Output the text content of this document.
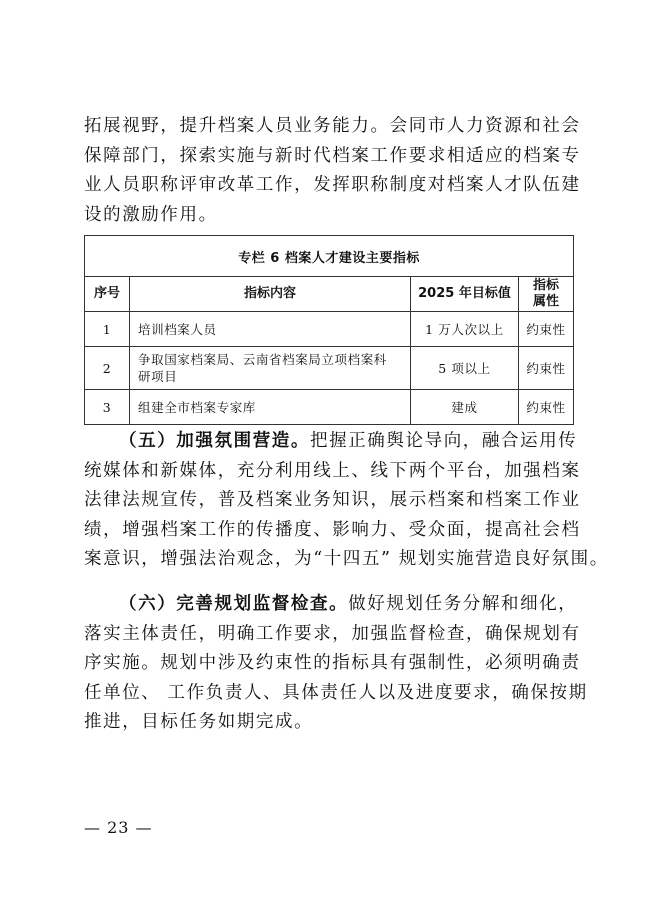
拓展视野，提升档案人员业务能力。会同市人力资源和社会
保障部门，探索实施与新时代档案工作要求相适应的档案专
业人员职称评审改革工作，发挥职称制度对档案人才队伍建
设的激励作用。
专栏 6 档案人才建设主要指标			
序号	指标内容	2025 年目标值	指标
属性
1	培训档案人员	1 万人次以上	约束性
2	争取国家档案局、云南省档案局立项档案科
研项目	5 项以上	约束性
3	组建全市档案专家库	建成	约束性
（五）加强氛围营造。把握正确舆论导向，融合运用传
统媒体和新媒体，充分利用线上、线下两个平台，加强档案
法律法规宣传，普及档案业务知识，展示档案和档案工作业
绩，增强档案工作的传播度、影响力、受众面，提高社会档
案意识，增强法治观念，为“十四五” 规划实施营造良好氛围。
（六）完善规划监督检查。做好规划任务分解和细化，
落实主体责任，明确工作要求，加强监督检查，确保规划有
序实施。规划中涉及约束性的指标具有强制性，必须明确责
任单位、 工作负责人、具体责任人以及进度要求，确保按期
推进，目标任务如期完成。
— 23 —
